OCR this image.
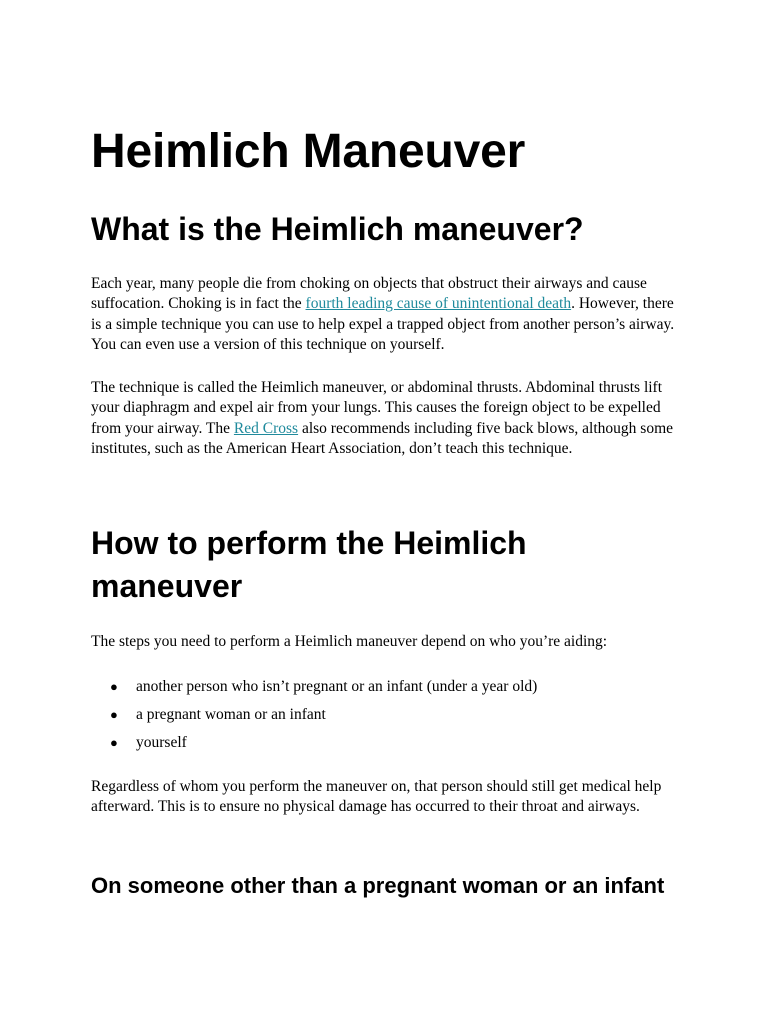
Heimlich Maneuver
What is the Heimlich maneuver?

Each year, many people die from choking on objects that obstruct their airways and cause suffocation. Choking is in fact the fourth leading cause of unintentional death. However, there is a simple technique you can use to help expel a trapped object from another person’s airway. You can even use a version of this technique on yourself.

The technique is called the Heimlich maneuver, or abdominal thrusts. Abdominal thrusts lift your diaphragm and expel air from your lungs. This causes the foreign object to be expelled from your airway. The Red Cross also recommends including five back blows, although some institutes, such as the American Heart Association, don’t teach this technique.

How to perform the Heimlich maneuver

The steps you need to perform a Heimlich maneuver depend on who you’re aiding:

● another person who isn’t pregnant or an infant (under a year old)
● a pregnant woman or an infant
● yourself

Regardless of whom you perform the maneuver on, that person should still get medical help afterward. This is to ensure no physical damage has occurred to their throat and airways.

On someone other than a pregnant woman or an infant
